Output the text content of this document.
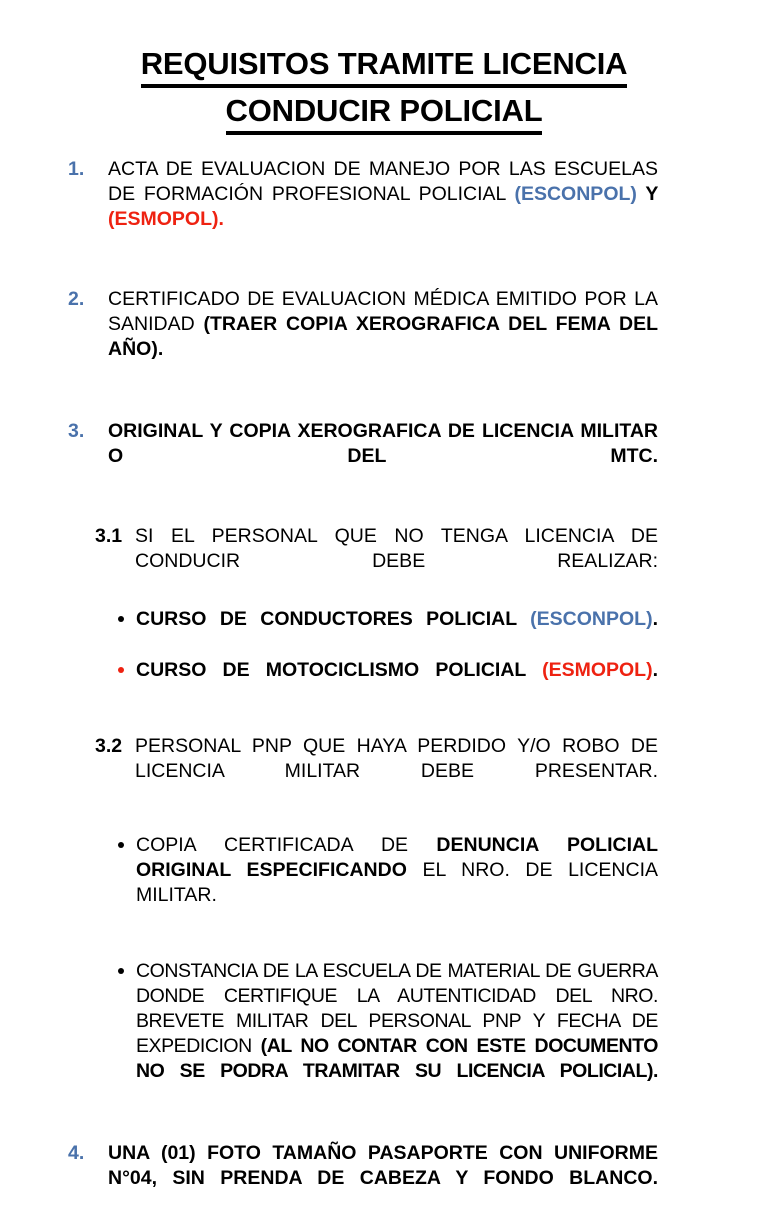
REQUISITOS TRAMITE LICENCIA
CONDUCIR POLICIAL
1. ACTA DE EVALUACION DE MANEJO POR LAS ESCUELAS DE FORMACIÓN PROFESIONAL POLICIAL (ESCONPOL) Y (ESMOPOL).
2. CERTIFICADO DE EVALUACION MÉDICA EMITIDO POR LA SANIDAD (TRAER COPIA XEROGRAFICA DEL FEMA DEL AÑO).
3. ORIGINAL Y COPIA XEROGRAFICA DE LICENCIA MILITAR O DEL MTC.
3.1 SI EL PERSONAL QUE NO TENGA LICENCIA DE CONDUCIR DEBE REALIZAR:
CURSO DE CONDUCTORES POLICIAL (ESCONPOL).
CURSO DE MOTOCICLISMO POLICIAL (ESMOPOL).
3.2 PERSONAL PNP QUE HAYA PERDIDO Y/O ROBO DE LICENCIA MILITAR DEBE PRESENTAR.
COPIA CERTIFICADA DE DENUNCIA POLICIAL ORIGINAL ESPECIFICANDO EL NRO. DE LICENCIA MILITAR.
CONSTANCIA DE LA ESCUELA DE MATERIAL DE GUERRA DONDE CERTIFIQUE LA AUTENTICIDAD DEL NRO. BREVETE MILITAR DEL PERSONAL PNP Y FECHA DE EXPEDICION (AL NO CONTAR CON ESTE DOCUMENTO NO SE PODRA TRAMITAR SU LICENCIA POLICIAL).
4. UNA (01) FOTO TAMAÑO PASAPORTE CON UNIFORME N°04, SIN PRENDA DE CABEZA Y FONDO BLANCO.
